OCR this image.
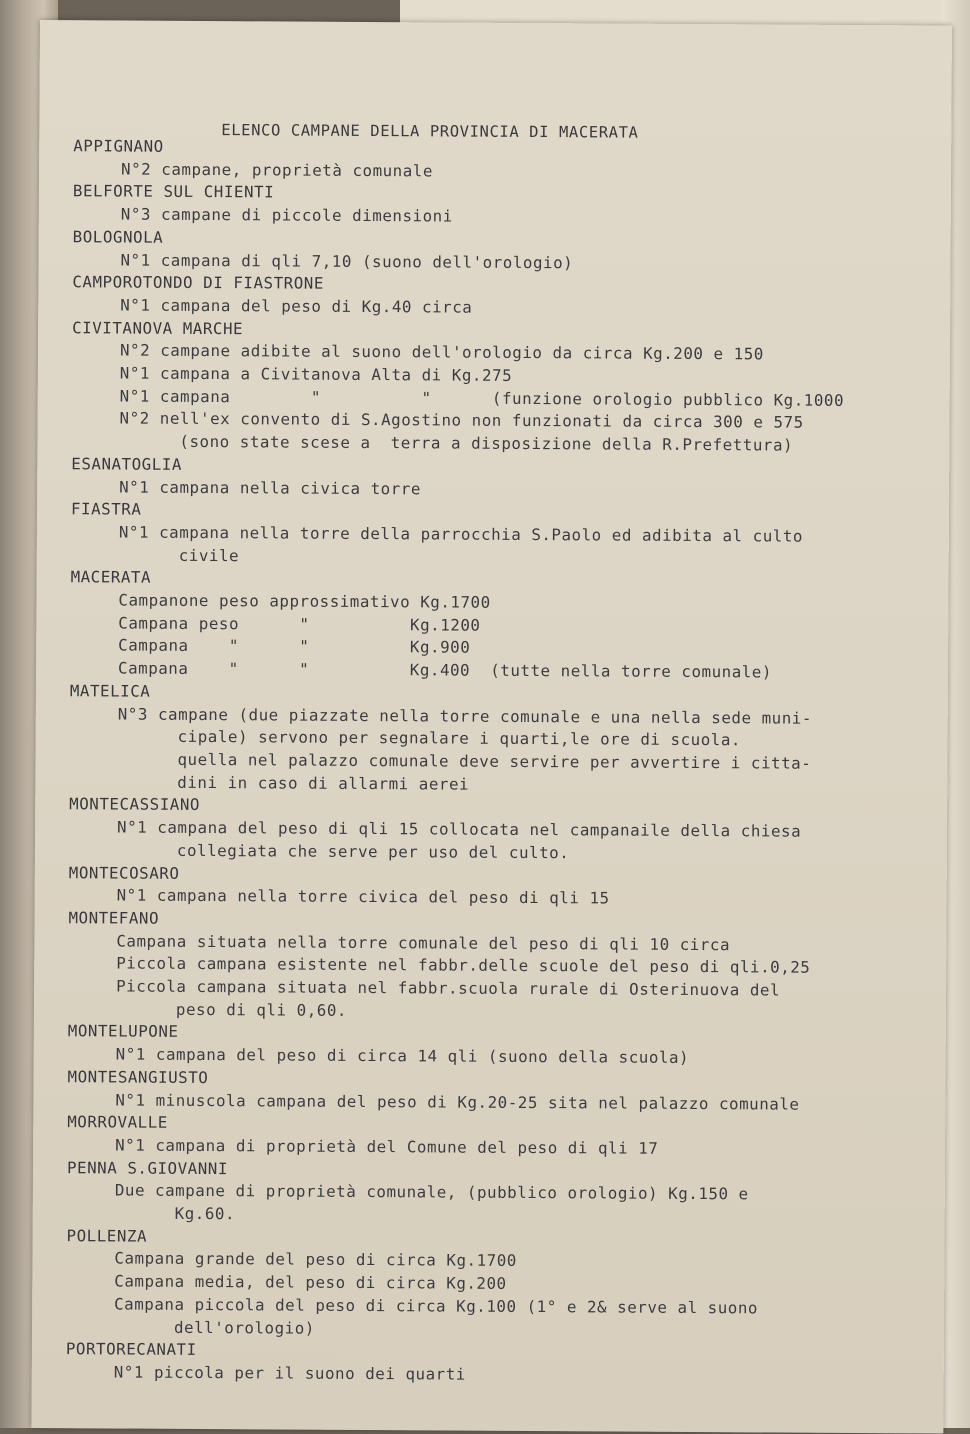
ELENCO CAMPANE DELLA PROVINCIA DI MACERATA
APPIGNANO
N°2 campane, proprietà comunale
BELFORTE SUL CHIENTI
N°3 campane di piccole dimensioni
BOLOGNOLA
N°1 campana di qli 7,10 (suono dell'orologio)
CAMPOROTONDO DI FIASTRONE
N°1 campana del peso di Kg.40 circa
CIVITANOVA MARCHE
N°2 campane adibite al suono dell'orologio da circa Kg.200 e 150
N°1 campana a Civitanova Alta di Kg.275
N°1 campana        "          "      (funzione orologio pubblico Kg.1000
N°2 nell'ex convento di S.Agostino non funzionati da circa 300 e 575
(sono state scese a  terra a disposizione della R.Prefettura)
ESANATOGLIA
N°1 campana nella civica torre
FIASTRA
N°1 campana nella torre della parrocchia S.Paolo ed adibita al culto
civile
MACERATA
Campanone peso approssimativo Kg.1700
Campana peso      "          Kg.1200
Campana    "      "          Kg.900
Campana    "      "          Kg.400  (tutte nella torre comunale)
MATELICA
N°3 campane (due piazzate nella torre comunale e una nella sede muni-
cipale) servono per segnalare i quarti,le ore di scuola.
quella nel palazzo comunale deve servire per avvertire i citta-
dini in caso di allarmi aerei
MONTECASSIANO
N°1 campana del peso di qli 15 collocata nel campanaile della chiesa
collegiata che serve per uso del culto.
MONTECOSARO
N°1 campana nella torre civica del peso di qli 15
MONTEFANO
Campana situata nella torre comunale del peso di qli 10 circa
Piccola campana esistente nel fabbr.delle scuole del peso di qli.0,25
Piccola campana situata nel fabbr.scuola rurale di Osterinuova del
peso di qli 0,60.
MONTELUPONE
N°1 campana del peso di circa 14 qli (suono della scuola)
MONTESANGIUSTO
N°1 minuscola campana del peso di Kg.20-25 sita nel palazzo comunale
MORROVALLE
N°1 campana di proprietà del Comune del peso di qli 17
PENNA S.GIOVANNI
Due campane di proprietà comunale, (pubblico orologio) Kg.150 e
Kg.60.
POLLENZA
Campana grande del peso di circa Kg.1700
Campana media, del peso di circa Kg.200
Campana piccola del peso di circa Kg.100 (1° e 2& serve al suono
dell'orologio)
PORTORECANATI
N°1 piccola per il suono dei quarti
